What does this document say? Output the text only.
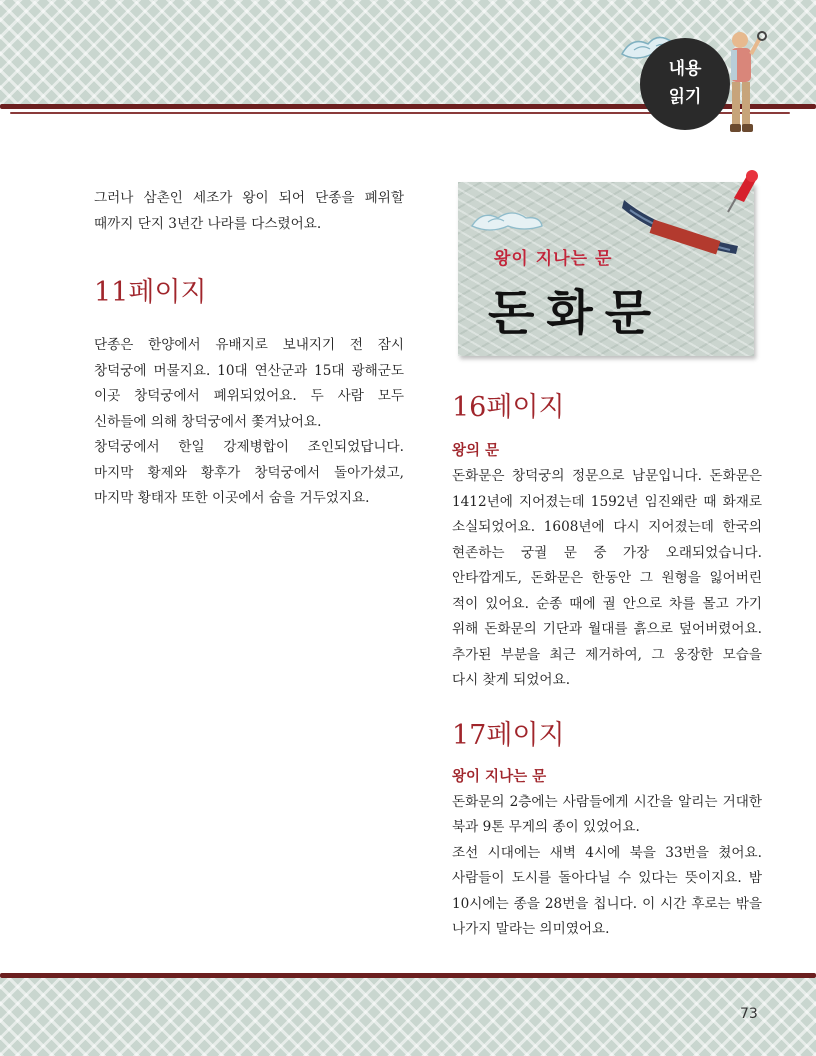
내용
읽기

그러나 삼촌인 세조가 왕이 되어 단종을 폐위할 때까지 단지 3년간 나라를 다스렸어요.

11페이지

단종은 한양에서 유배지로 보내지기 전 잠시 창덕궁에 머물지요. 10대 연산군과 15대 광해군도 이곳 창덕궁에서 폐위되었어요. 두 사람 모두 신하들에 의해 창덕궁에서 쫓겨났어요.

창덕궁에서 한일 강제병합이 조인되었답니다. 마지막 황제와 황후가 창덕궁에서 돌아가셨고, 마지막 황태자 또한 이곳에서 숨을 거두었지요.

왕이 지나는 문
돈화문
16페이지
왕의 문

돈화문은 창덕궁의 정문으로 남문입니다. 돈화문은 1412년에 지어졌는데 1592년 임진왜란 때 화재로 소실되었어요. 1608년에 다시 지어졌는데 한국의 현존하는 궁궐 문 중 가장 오래되었습니다. 안타깝게도, 돈화문은 한동안 그 원형을 잃어버린 적이 있어요. 순종 때에 궐 안으로 차를 몰고 가기 위해 돈화문의 기단과 월대를 흙으로 덮어버렸어요. 추가된 부분을 최근 제거하여, 그 웅장한 모습을 다시 찾게 되었어요.

17페이지
왕이 지나는 문

돈화문의 2층에는 사람들에게 시간을 알리는 거대한 북과 9톤 무게의 종이 있었어요.

조선 시대에는 새벽 4시에 북을 33번을 쳤어요. 사람들이 도시를 돌아다닐 수 있다는 뜻이지요. 밤 10시에는 종을 28번을 칩니다. 이 시간 후로는 밖을 나가지 말라는 의미였어요.

73
